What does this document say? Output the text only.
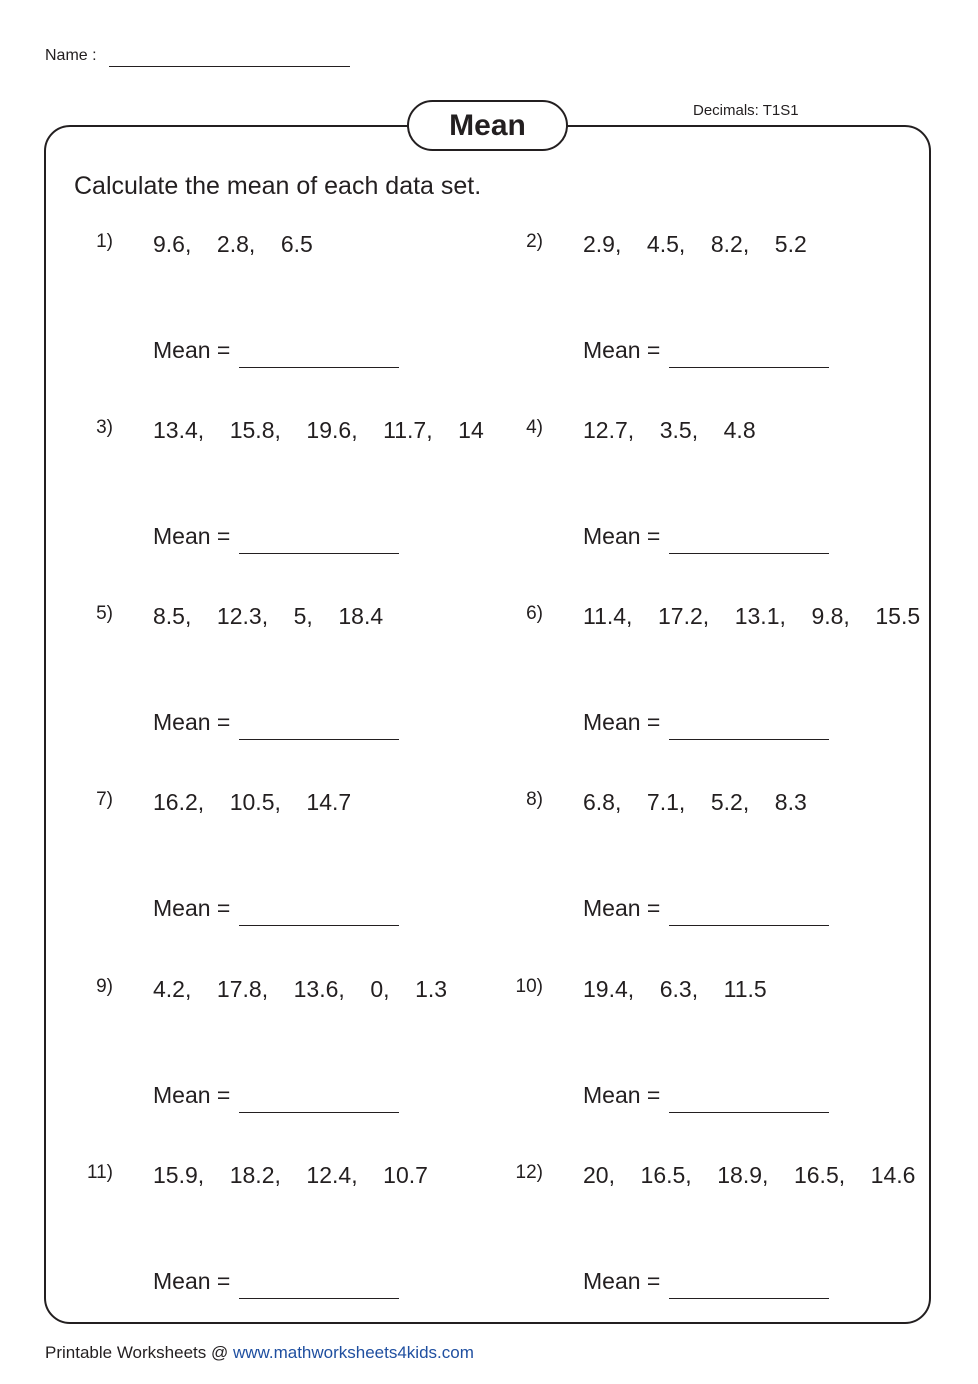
Name :
Mean	Decimals: T1S1
Calculate the mean of each data set.
1) 9.6,    2.8,    6.5
Mean =
2) 2.9,    4.5,    8.2,    5.2
Mean =
3) 13.4,    15.8,    19.6,    11.7,    14
Mean =
4) 12.7,    3.5,    4.8
Mean =
5) 8.5,    12.3,    5,    18.4
Mean =
6) 11.4,    17.2,    13.1,    9.8,    15.5
Mean =
7) 16.2,    10.5,    14.7
Mean =
8) 6.8,    7.1,    5.2,    8.3
Mean =
9) 4.2,    17.8,    13.6,    0,    1.3
Mean =
10) 19.4,    6.3,    11.5
Mean =
11) 15.9,    18.2,    12.4,    10.7
Mean =
12) 20,    16.5,    18.9,    16.5,    14.6
Mean =
Printable Worksheets @ www.mathworksheets4kids.com
